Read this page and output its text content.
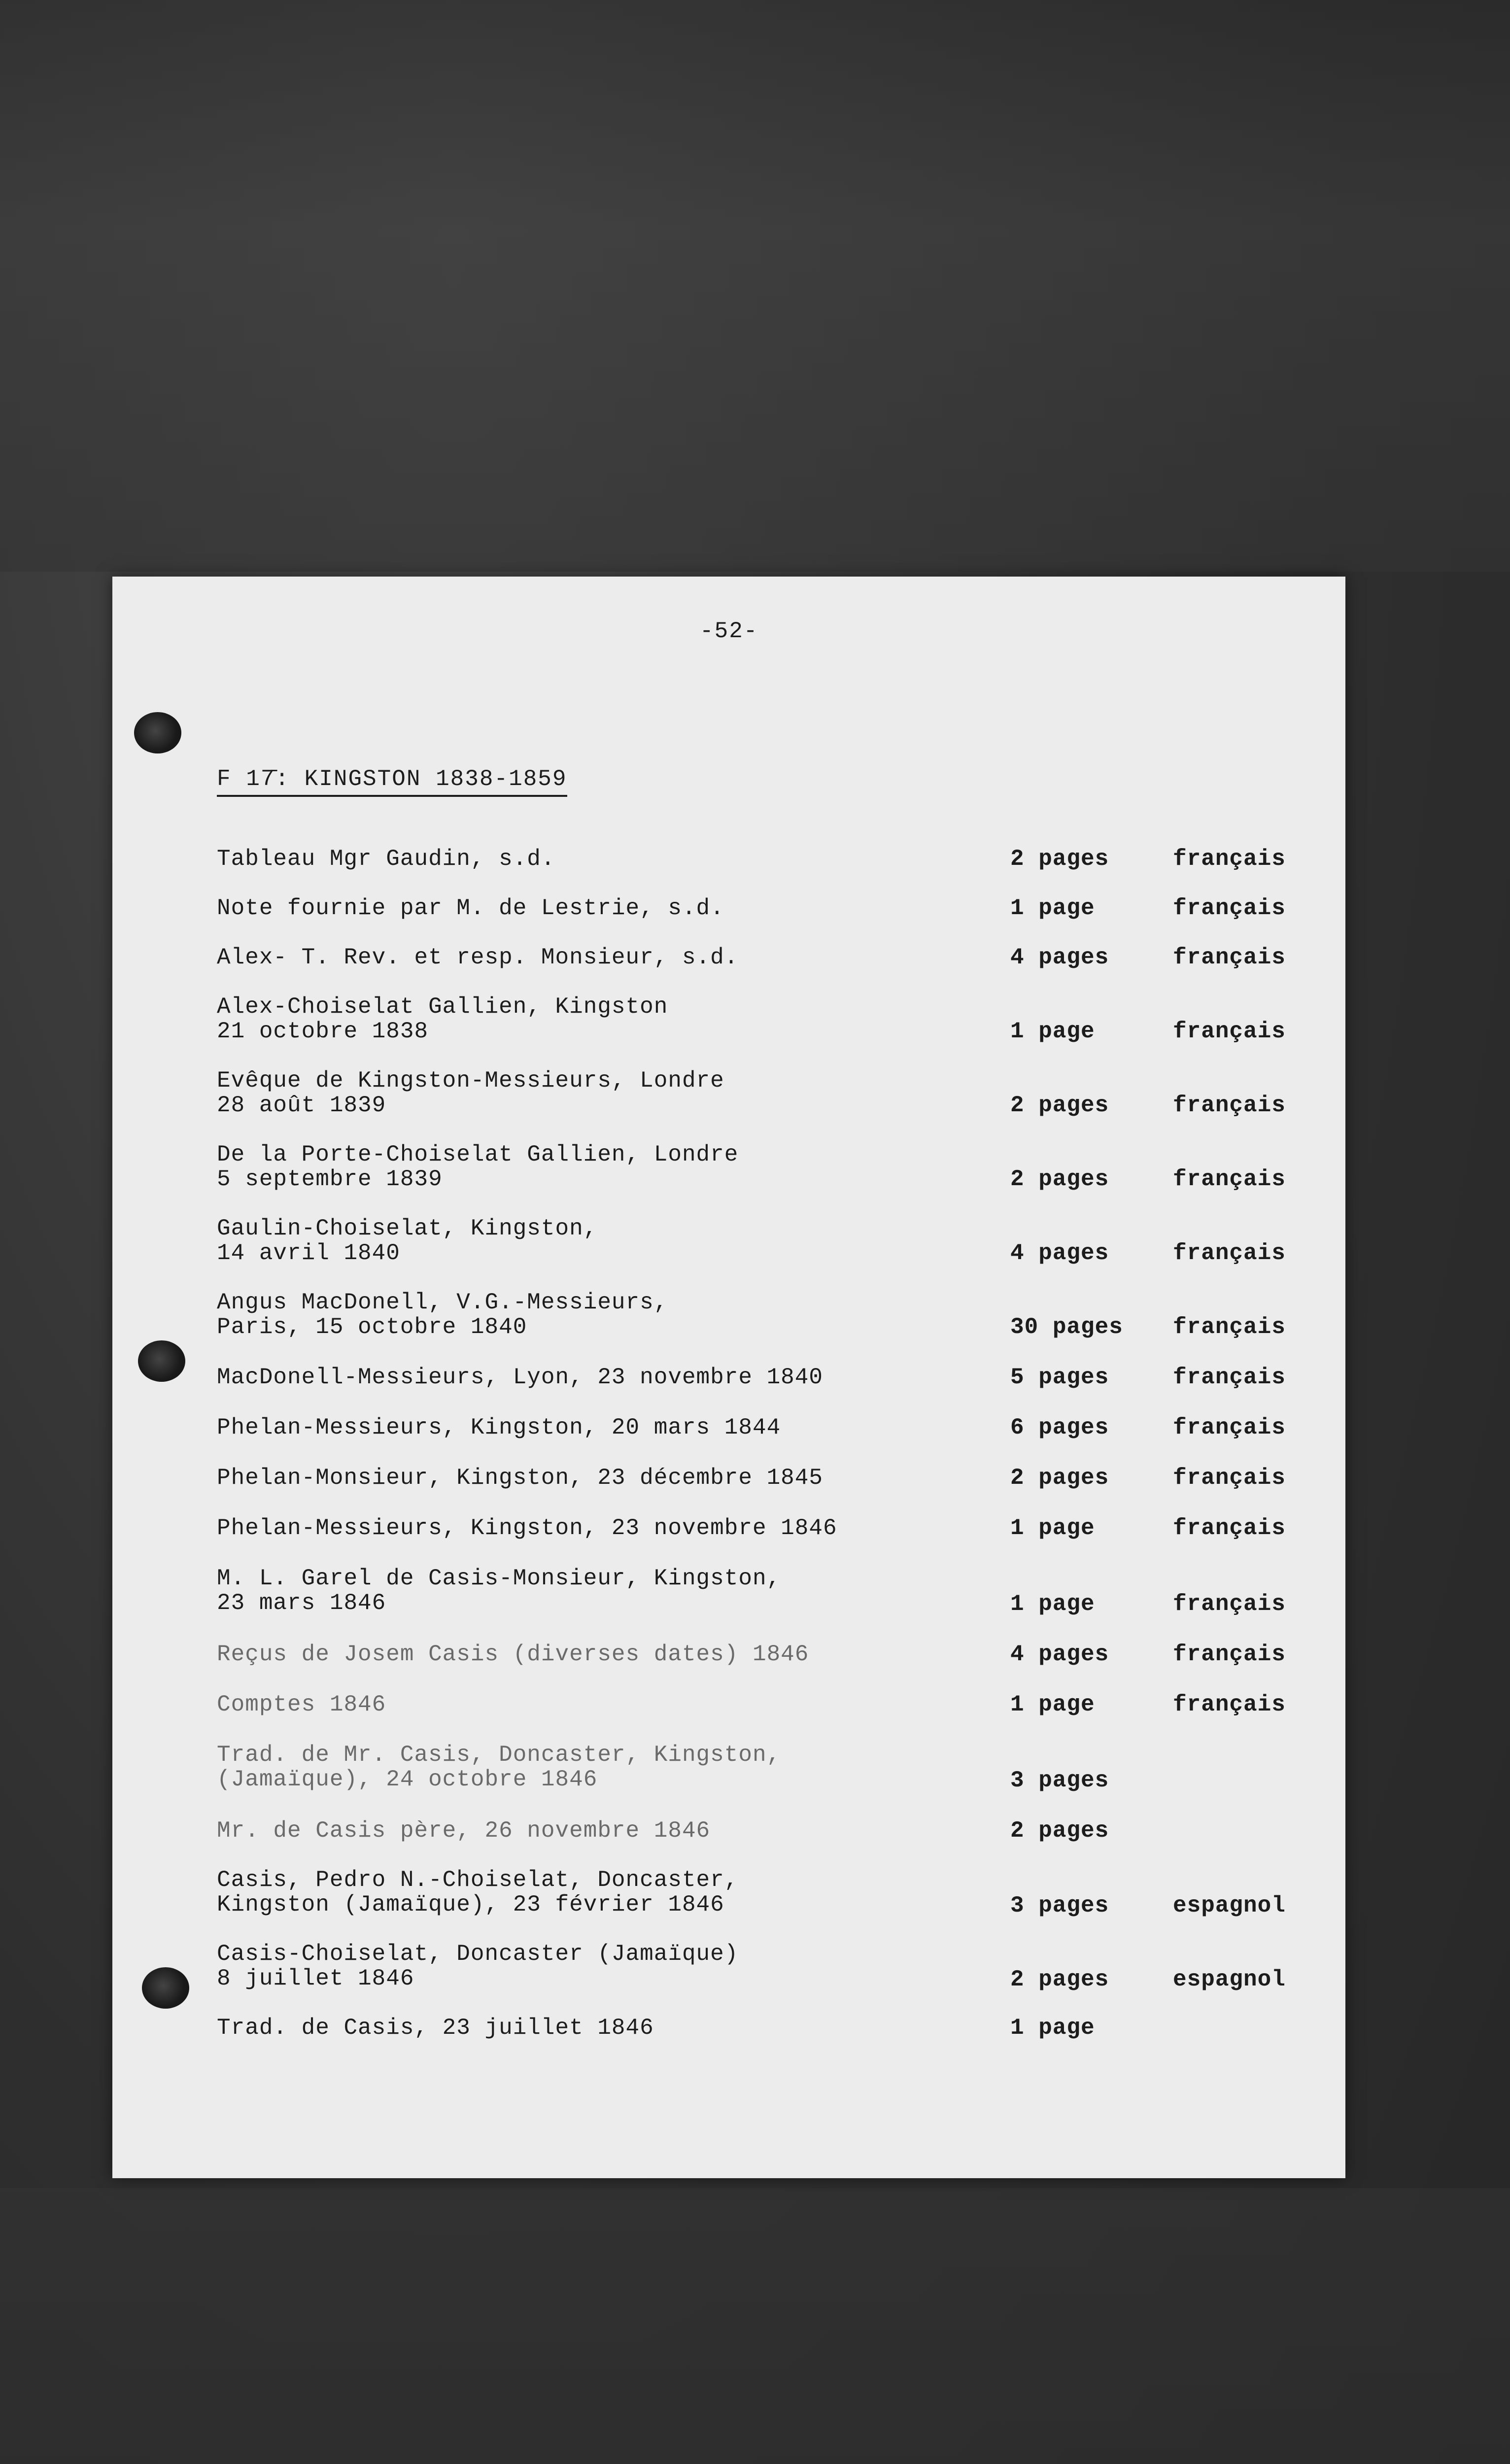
-52-
F 17̄: KINGSTON 1838-1859
Tableau Mgr Gaudin, s.d.	2 pages	français
Note fournie par M. de Lestrie, s.d.	1 page	français
Alex- T. Rev. et resp. Monsieur, s.d.	4 pages	français
Alex-Choiselat Gallien, Kingston
21 octobre 1838	1 page	français
Evêque de Kingston-Messieurs, Londre
28 août 1839	2 pages	français
De la Porte-Choiselat Gallien, Londre
5 septembre 1839	2 pages	français
Gaulin-Choiselat, Kingston,
14 avril 1840	4 pages	français
Angus MacDonell, V.G.-Messieurs,
Paris, 15 octobre 1840	30 pages	français
MacDonell-Messieurs, Lyon, 23 novembre 1840	5 pages	français
Phelan-Messieurs, Kingston, 20 mars 1844	6 pages	français
Phelan-Monsieur, Kingston, 23 décembre 1845	2 pages	français
Phelan-Messieurs, Kingston, 23 novembre 1846	1 page	français
M. L. Garel de Casis-Monsieur, Kingston,
23 mars 1846	1 page	français
Reçus de Josem Casis (diverses dates) 1846	4 pages	français
Comptes 1846	1 page	français
Trad. de Mr. Casis, Doncaster, Kingston,
(Jamaïque), 24 octobre 1846	3 pages
Mr. de Casis père, 26 novembre 1846	2 pages
Casis, Pedro N.-Choiselat, Doncaster,
Kingston (Jamaïque), 23 février 1846	3 pages	espagnol
Casis-Choiselat, Doncaster (Jamaïque)
8 juillet 1846	2 pages	espagnol
Trad. de Casis, 23 juillet 1846	1 page
